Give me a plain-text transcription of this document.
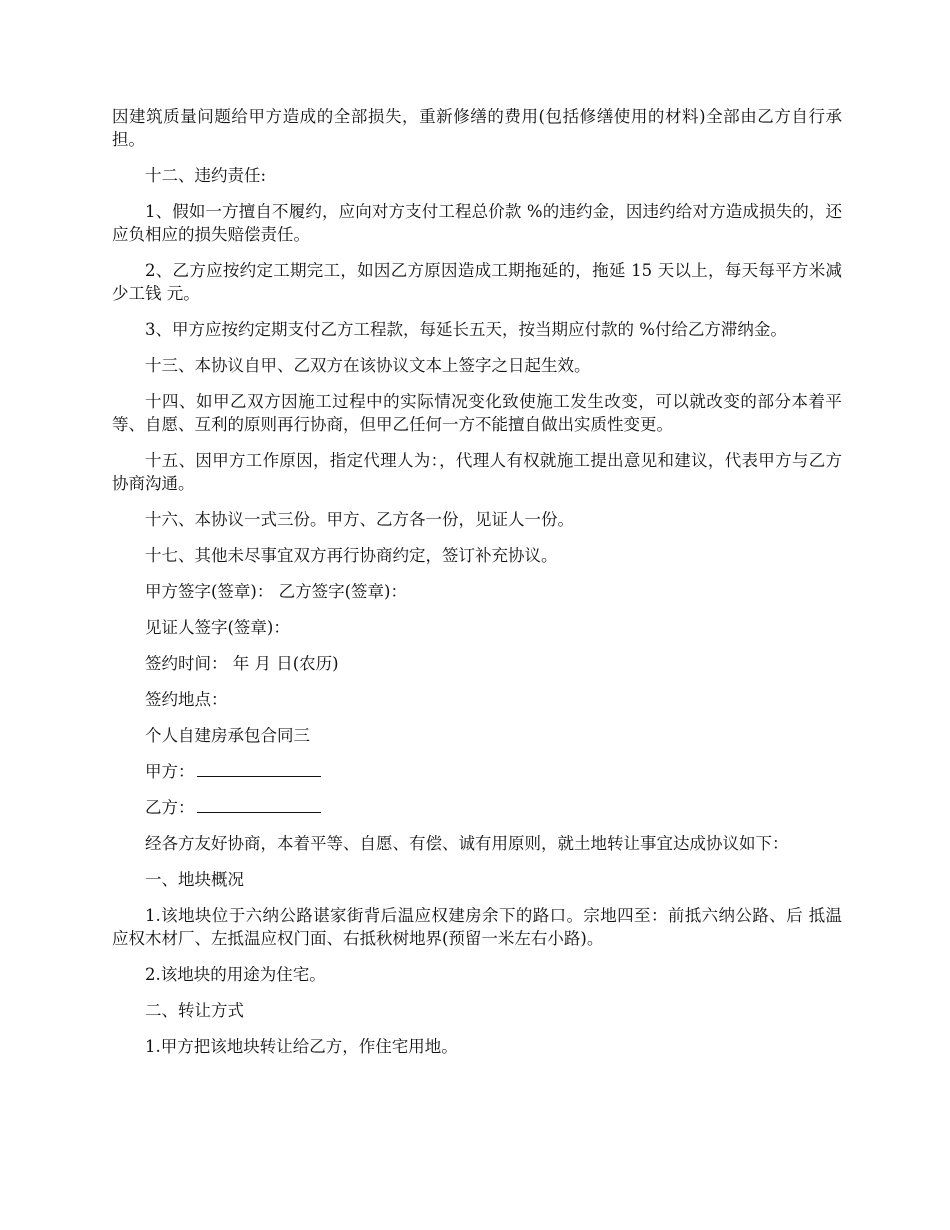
因建筑质量问题给甲方造成的全部损失，重新修缮的费用(包括修缮使用的材料)全部由乙方自行承担。

十二、违约责任:

1、假如一方擅自不履约，应向对方支付工程总价款 %的违约金，因违约给对方造成损失的，还应负相应的损失赔偿责任。

2、乙方应按约定工期完工，如因乙方原因造成工期拖延的，拖延 15 天以上，每天每平方米减少工钱 元。

3、甲方应按约定期支付乙方工程款，每延长五天，按当期应付款的 %付给乙方滞纳金。

十三、本协议自甲、乙双方在该协议文本上签字之日起生效。

十四、如甲乙双方因施工过程中的实际情况变化致使施工发生改变，可以就改变的部分本着平等、自愿、互利的原则再行协商，但甲乙任何一方不能擅自做出实质性变更。

十五、因甲方工作原因，指定代理人为：，代理人有权就施工提出意见和建议，代表甲方与乙方协商沟通。

十六、本协议一式三份。甲方、乙方各一份，见证人一份。

十七、其他未尽事宜双方再行协商约定，签订补充协议。

甲方签字(签章)： 乙方签字(签章)：

见证人签字(签章)：

签约时间： 年 月 日(农历)

签约地点：

个人自建房承包合同三

甲方：

乙方：

经各方友好协商，本着平等、自愿、有偿、诚有用原则，就土地转让事宜达成协议如下：

一、地块概况

1.该地块位于六纳公路谌家街背后温应权建房余下的路口。宗地四至：前抵六纳公路、后 抵温应权木材厂、左抵温应权门面、右抵秋树地界(预留一米左右小路)。

2.该地块的用途为住宅。

二、转让方式

1.甲方把该地块转让给乙方，作住宅用地。
